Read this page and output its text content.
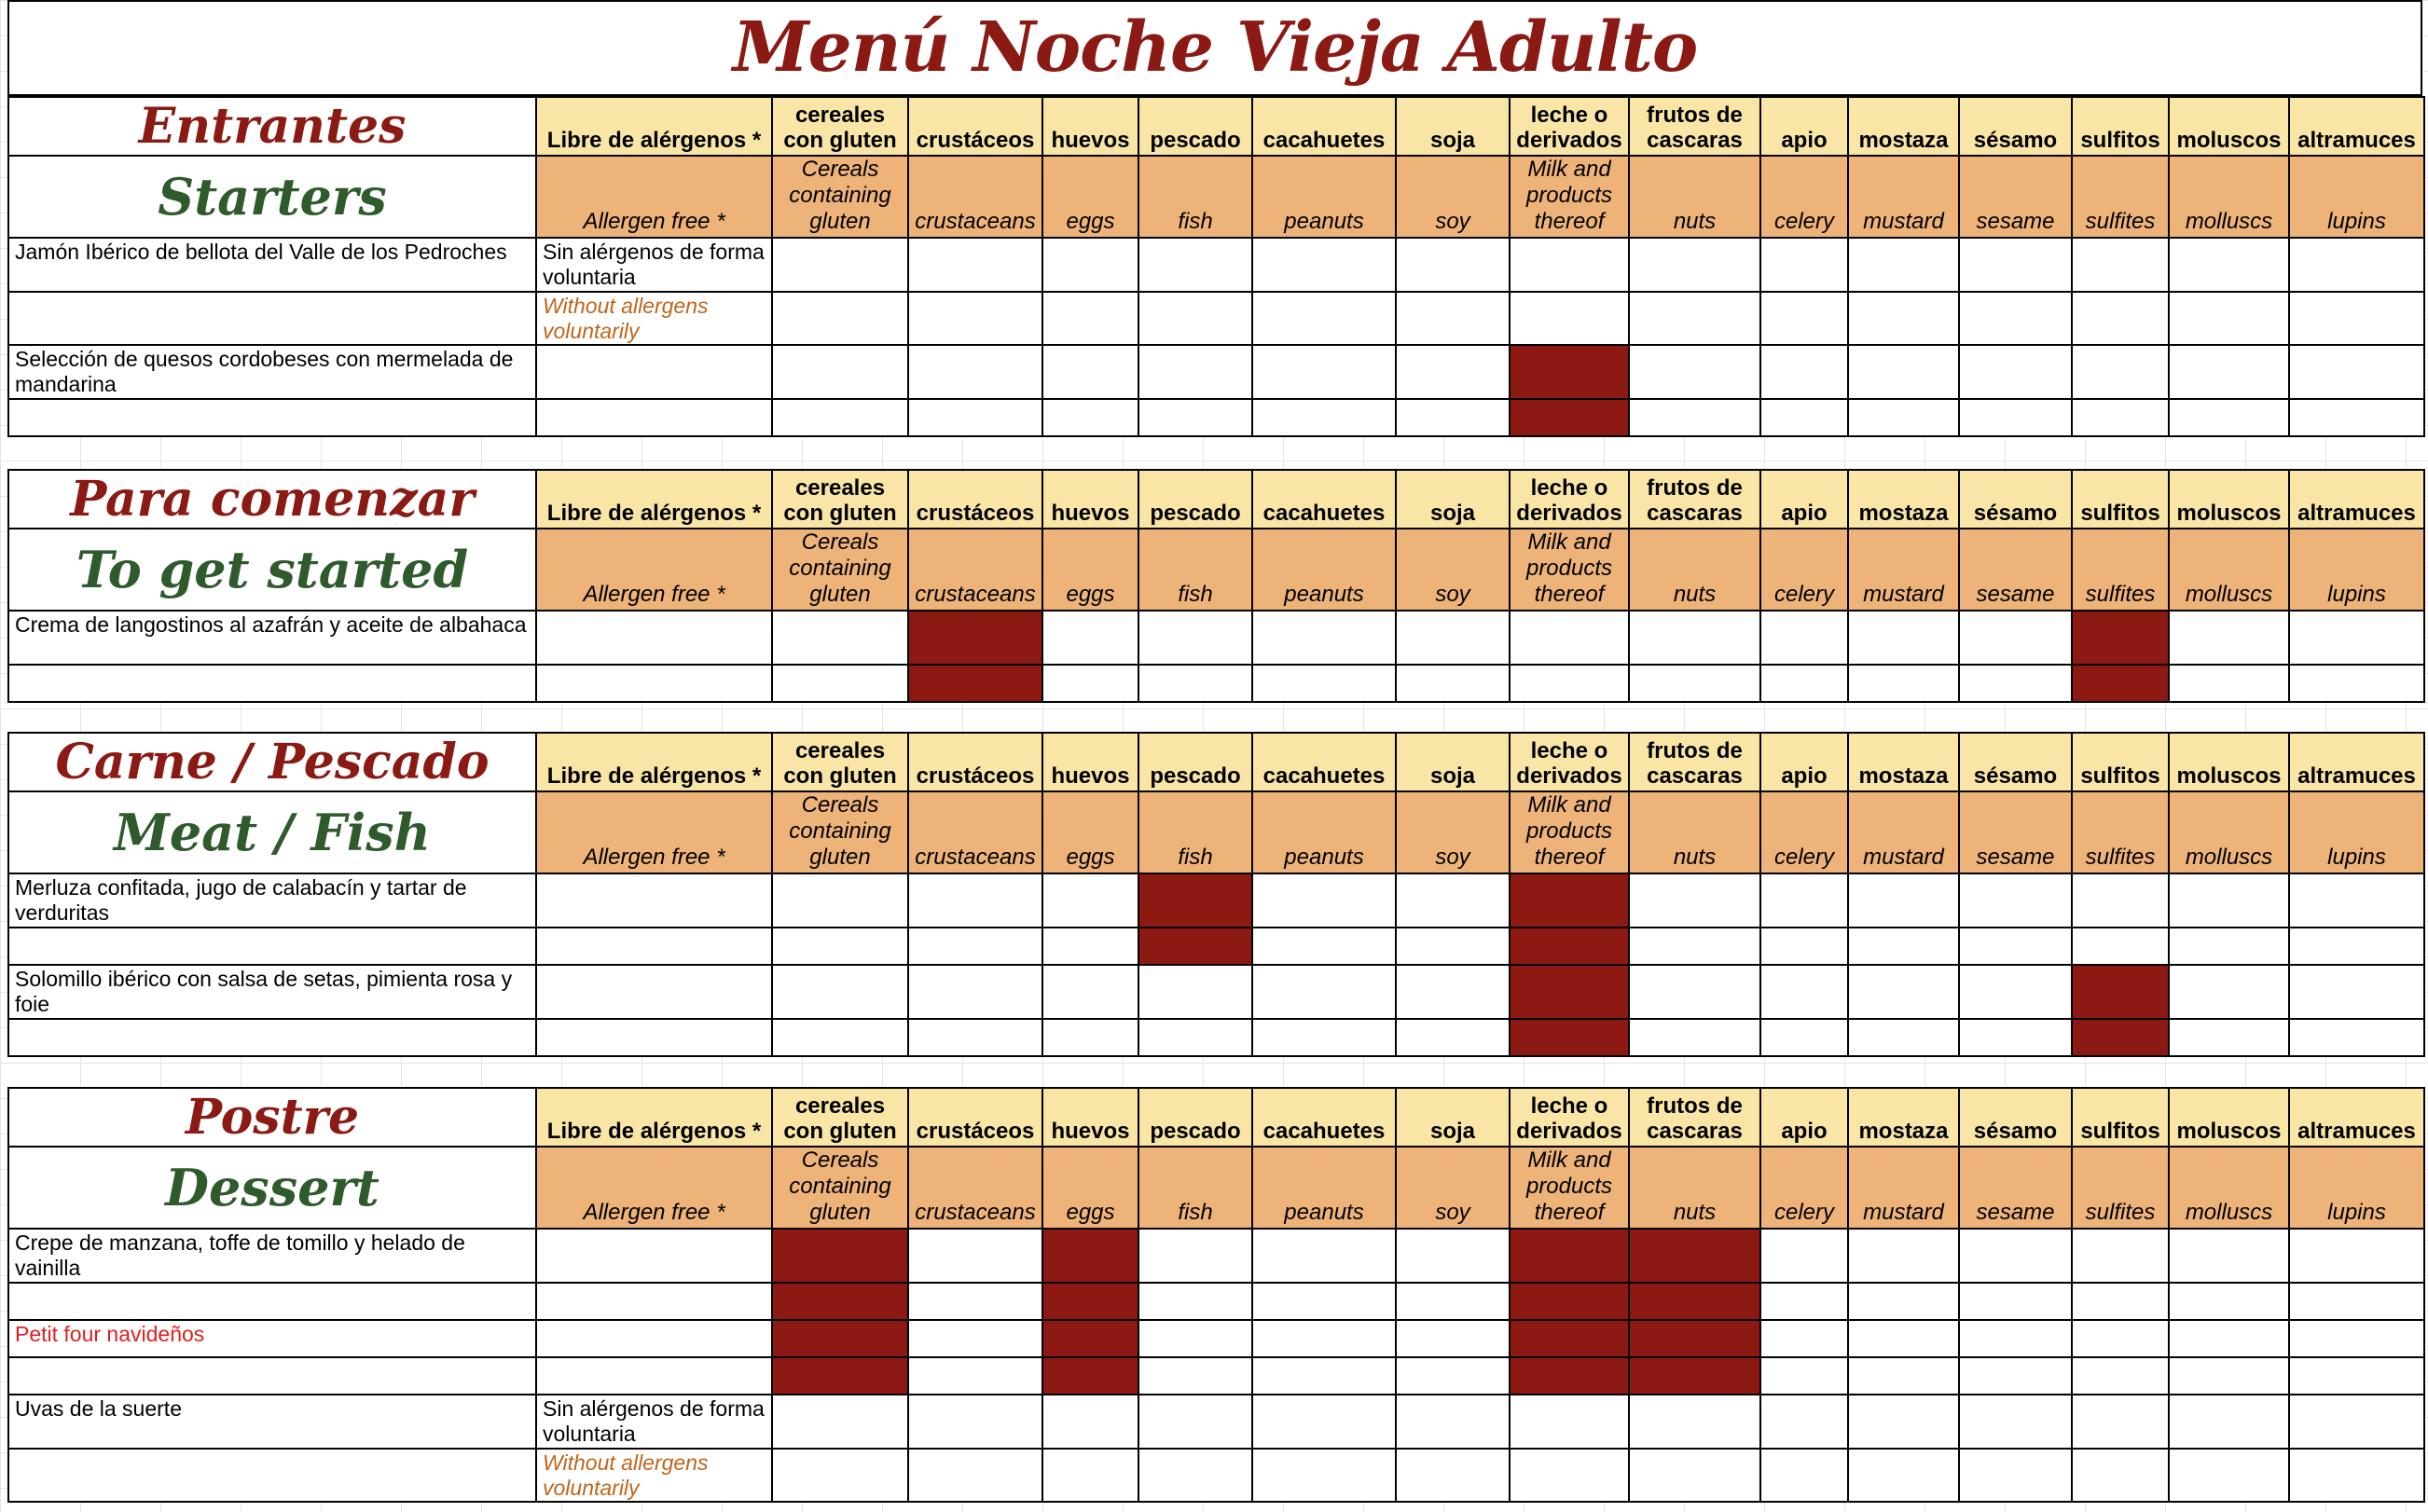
Menú Noche Vieja Adulto
Entrantes	Libre de alérgenos *	cereales con gluten	crustáceos	huevos	pescado	cacahuetes	soja	leche o derivados	frutos de cascaras	apio	mostaza	sésamo	sulfitos	moluscos	altramuces
Starters	Allergen free *	Cereals containing gluten	crustaceans	eggs	fish	peanuts	soy	Milk and products thereof	nuts	celery	mustard	sesame	sulfites	molluscs	lupins
Jamón Ibérico de bellota del Valle de los Pedroches	Sin alérgenos de forma voluntaria														
	Without allergens voluntarily														
Selección de quesos cordobeses con mermelada de mandarina															

Para comenzar	Libre de alérgenos *	cereales con gluten	crustáceos	huevos	pescado	cacahuetes	soja	leche o derivados	frutos de cascaras	apio	mostaza	sésamo	sulfitos	moluscos	altramuces
To get started	Allergen free *	Cereals containing gluten	crustaceans	eggs	fish	peanuts	soy	Milk and products thereof	nuts	celery	mustard	sesame	sulfites	molluscs	lupins
Crema de langostinos al azafrán y aceite de albahaca															

Carne / Pescado	Libre de alérgenos *	cereales con gluten	crustáceos	huevos	pescado	cacahuetes	soja	leche o derivados	frutos de cascaras	apio	mostaza	sésamo	sulfitos	moluscos	altramuces
Meat / Fish	Allergen free *	Cereals containing gluten	crustaceans	eggs	fish	peanuts	soy	Milk and products thereof	nuts	celery	mustard	sesame	sulfites	molluscs	lupins
Merluza confitada, jugo de calabacín y tartar de verduritas															

Solomillo ibérico con salsa de setas, pimienta rosa y foie															

Postre	Libre de alérgenos *	cereales con gluten	crustáceos	huevos	pescado	cacahuetes	soja	leche o derivados	frutos de cascaras	apio	mostaza	sésamo	sulfitos	moluscos	altramuces
Dessert	Allergen free *	Cereals containing gluten	crustaceans	eggs	fish	peanuts	soy	Milk and products thereof	nuts	celery	mustard	sesame	sulfites	molluscs	lupins
Crepe de manzana, toffe de tomillo y helado de vainilla															

Petit four navideños															

Uvas de la suerte	Sin alérgenos de forma voluntaria														
	Without allergens voluntarily														
